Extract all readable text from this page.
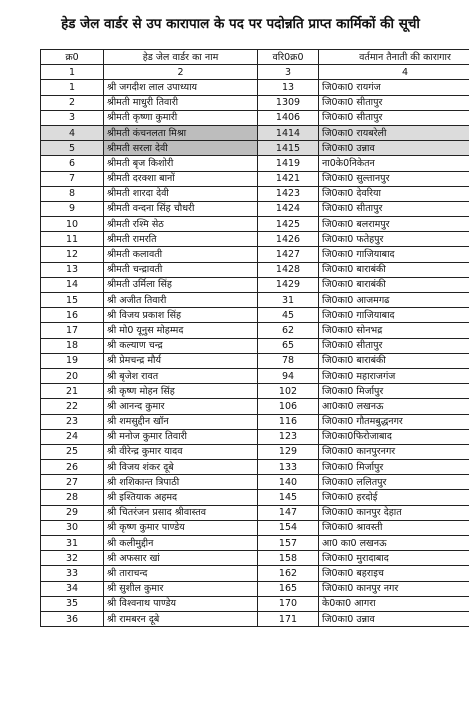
हेड जेल वार्डर से उप कारापाल के पद पर पदोन्नति प्राप्त कार्मिकों की सूची
क्र0	हेड जेल वार्डर का नाम	वरि0क्र0	वर्तमान तैनाती की कारागार
1	2	3	4
1	श्री जगदीश लाल उपाध्याय	13	जि0का0 रायगंज
2	श्रीमती माधुरी तिवारी	1309	जि0का0 सीतापुर
3	श्रीमती कृष्णा कुमारी	1406	जि0का0 सीतापुर
4	श्रीमती कंचनलता मिश्रा	1414	जि0का0 रायबरेली
5	श्रीमती सरला देवी	1415	जि0का0 उन्नाव
6	श्रीमती बृज किशोरी	1419	ना0के0निकेतन
7	श्रीमती दरक्शा बानों	1421	जि0का0 सुल्तानपुर
8	श्रीमती शारदा देवी	1423	जि0का0 देवरिया
9	श्रीमती वन्दना सिंह चौधरी	1424	जि0का0 सीतापुर
10	श्रीमती रश्मि सेठ	1425	जि0का0 बलरामपुर
11	श्रीमती रामरति	1426	जि0का0 फतेहपुर
12	श्रीमती कलावती	1427	जि0का0 गाजियाबाद
13	श्रीमती चन्द्रावती	1428	जि0का0 बाराबंकी
14	श्रीमती उर्मिला सिंह	1429	जि0का0 बाराबंकी
15	श्री अजीत तिवारी	31	जि0का0 आजमगढ
16	श्री विजय प्रकाश सिंह	45	जि0का0 गाजियाबाद
17	श्री मो0 यूनुस मोहम्मद	62	जि0का0 सोनभद्र
18	श्री कल्याण चन्द्र	65	जि0का0 सीतापुर
19	श्री प्रेमचन्द्र मौर्य	78	जि0का0 बाराबंकी
20	श्री बृजेश रावत	94	जि0का0 महाराजगंज
21	श्री कृष्ण मोहन सिंह	102	जि0का0 मिर्जापुर
22	श्री आनन्द कुमार	106	आ0का0 लखनऊ
23	श्री शमसुद्दीन खॉन	116	जि0का0 गौतमबुद्धनगर
24	श्री मनोज कुमार तिवारी	123	जि0का0फिरोजाबाद
25	श्री वीरेन्द्र कुमार यादव	129	जि0का0 कानपुरनगर
26	श्री विजय शंकर दूबे	133	जि0का0 मिर्जापुर
27	श्री शशिकान्त त्रिपाठी	140	जि0का0 ललितपुर
28	श्री इश्तियाक अहमद	145	जि0का0 हरदोई
29	श्री चितरंजन प्रसाद श्रीवास्तव	147	जि0का0 कानपुर देहात
30	श्री कृष्ण कुमार पाण्डेय	154	जि0का0 श्रावस्ती
31	श्री कलीमुद्दीन	157	आ0 का0 लखनऊ
32	श्री अफसार खां	158	जि0का0 मुरादाबाद
33	श्री ताराचन्द	162	जि0का0 बहराइच
34	श्री सुशील कुमार	165	जि0का0 कानपुर नगर
35	श्री विश्वनाथ पाण्डेय	170	के0का0 आगरा
36	श्री रामबरन दूबे	171	जि0का0 उन्नाव
